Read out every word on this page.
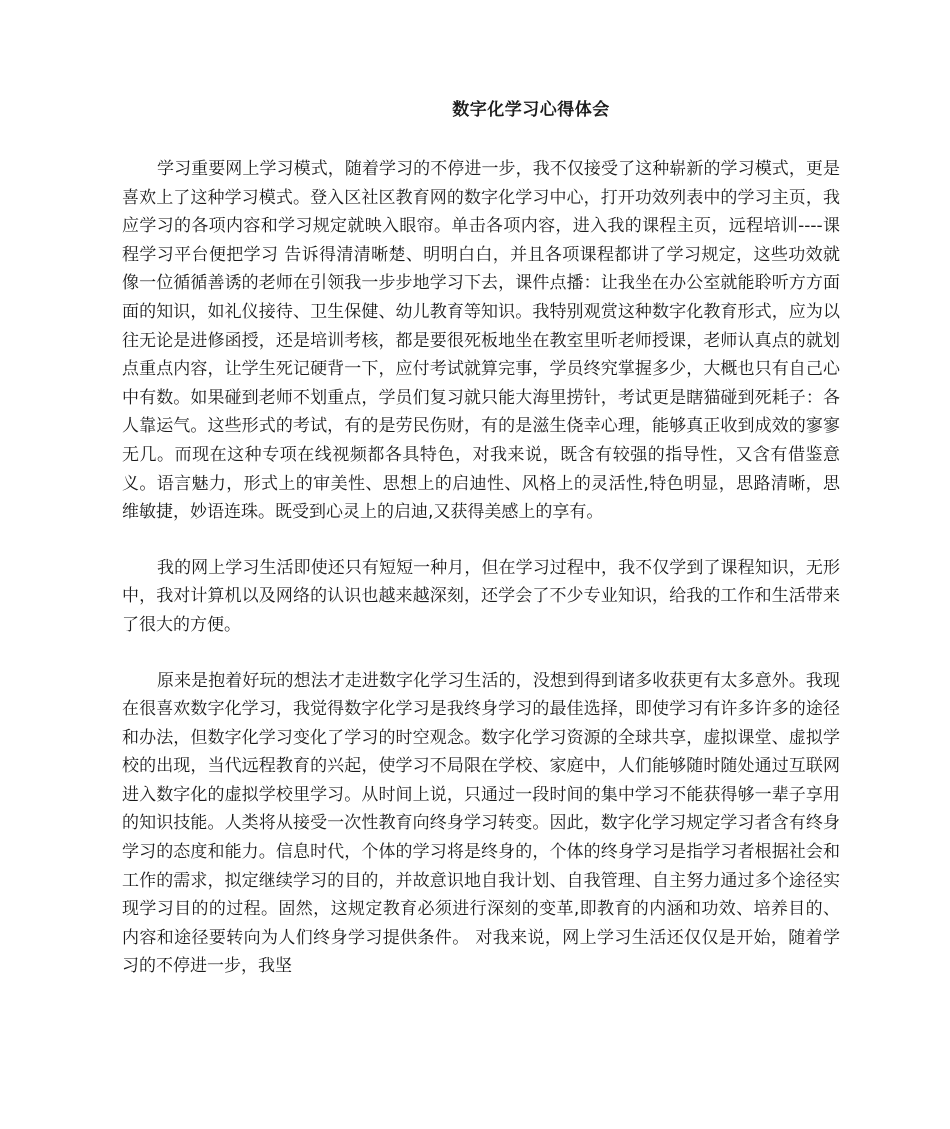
数字化学习心得体会

学习重要网上学习模式，随着学习的不停进一步，我不仅接受了这种崭新的学习模式，更是喜欢上了这种学习模式。登入区社区教育网的数字化学习中心，打开功效列表中的学习主页，我应学习的各项内容和学习规定就映入眼帘。单击各项内容，进入我的课程主页，远程培训----课程学习平台便把学习 告诉得清清晰楚、明明白白，并且各项课程都讲了学习规定，这些功效就像一位循循善诱的老师在引领我一步步地学习下去，课件点播：让我坐在办公室就能聆听方方面面的知识，如礼仪接待、卫生保健、幼儿教育等知识。我特别观赏这种数字化教育形式，应为以往无论是进修函授，还是培训考核，都是要很死板地坐在教室里听老师授课，老师认真点的就划点重点内容，让学生死记硬背一下，应付考试就算完事，学员终究掌握多少，大概也只有自己心中有数。如果碰到老师不划重点，学员们复习就只能大海里捞针，考试更是瞎猫碰到死耗子：各人靠运气。这些形式的考试，有的是劳民伤财，有的是滋生侥幸心理，能够真正收到成效的寥寥无几。而现在这种专项在线视频都各具特色，对我来说，既含有较强的指导性，又含有借鉴意义。语言魅力，形式上的审美性、思想上的启迪性、风格上的灵活性,特色明显，思路清晰，思维敏捷，妙语连珠。既受到心灵上的启迪,又获得美感上的享有。

我的网上学习生活即使还只有短短一种月，但在学习过程中，我不仅学到了课程知识，无形中，我对计算机以及网络的认识也越来越深刻，还学会了不少专业知识，给我的工作和生活带来了很大的方便。

原来是抱着好玩的想法才走进数字化学习生活的，没想到得到诸多收获更有太多意外。我现在很喜欢数字化学习，我觉得数字化学习是我终身学习的最佳选择，即使学习有许多许多的途径和办法，但数字化学习变化了学习的时空观念。数字化学习资源的全球共享，虚拟课堂、虚拟学校的出现，当代远程教育的兴起，使学习不局限在学校、家庭中，人们能够随时随处通过互联网进入数字化的虚拟学校里学习。从时间上说，只通过一段时间的集中学习不能获得够一辈子享用的知识技能。人类将从接受一次性教育向终身学习转变。因此，数字化学习规定学习者含有终身学习的态度和能力。信息时代，个体的学习将是终身的，个体的终身学习是指学习者根据社会和工作的需求，拟定继续学习的目的，并故意识地自我计划、自我管理、自主努力通过多个途径实现学习目的的过程。固然，这规定教育必须进行深刻的变革,即教育的内涵和功效、培养目的、内容和途径要转向为人们终身学习提供条件。 对我来说，网上学习生活还仅仅是开始，随着学习的不停进一步，我坚
